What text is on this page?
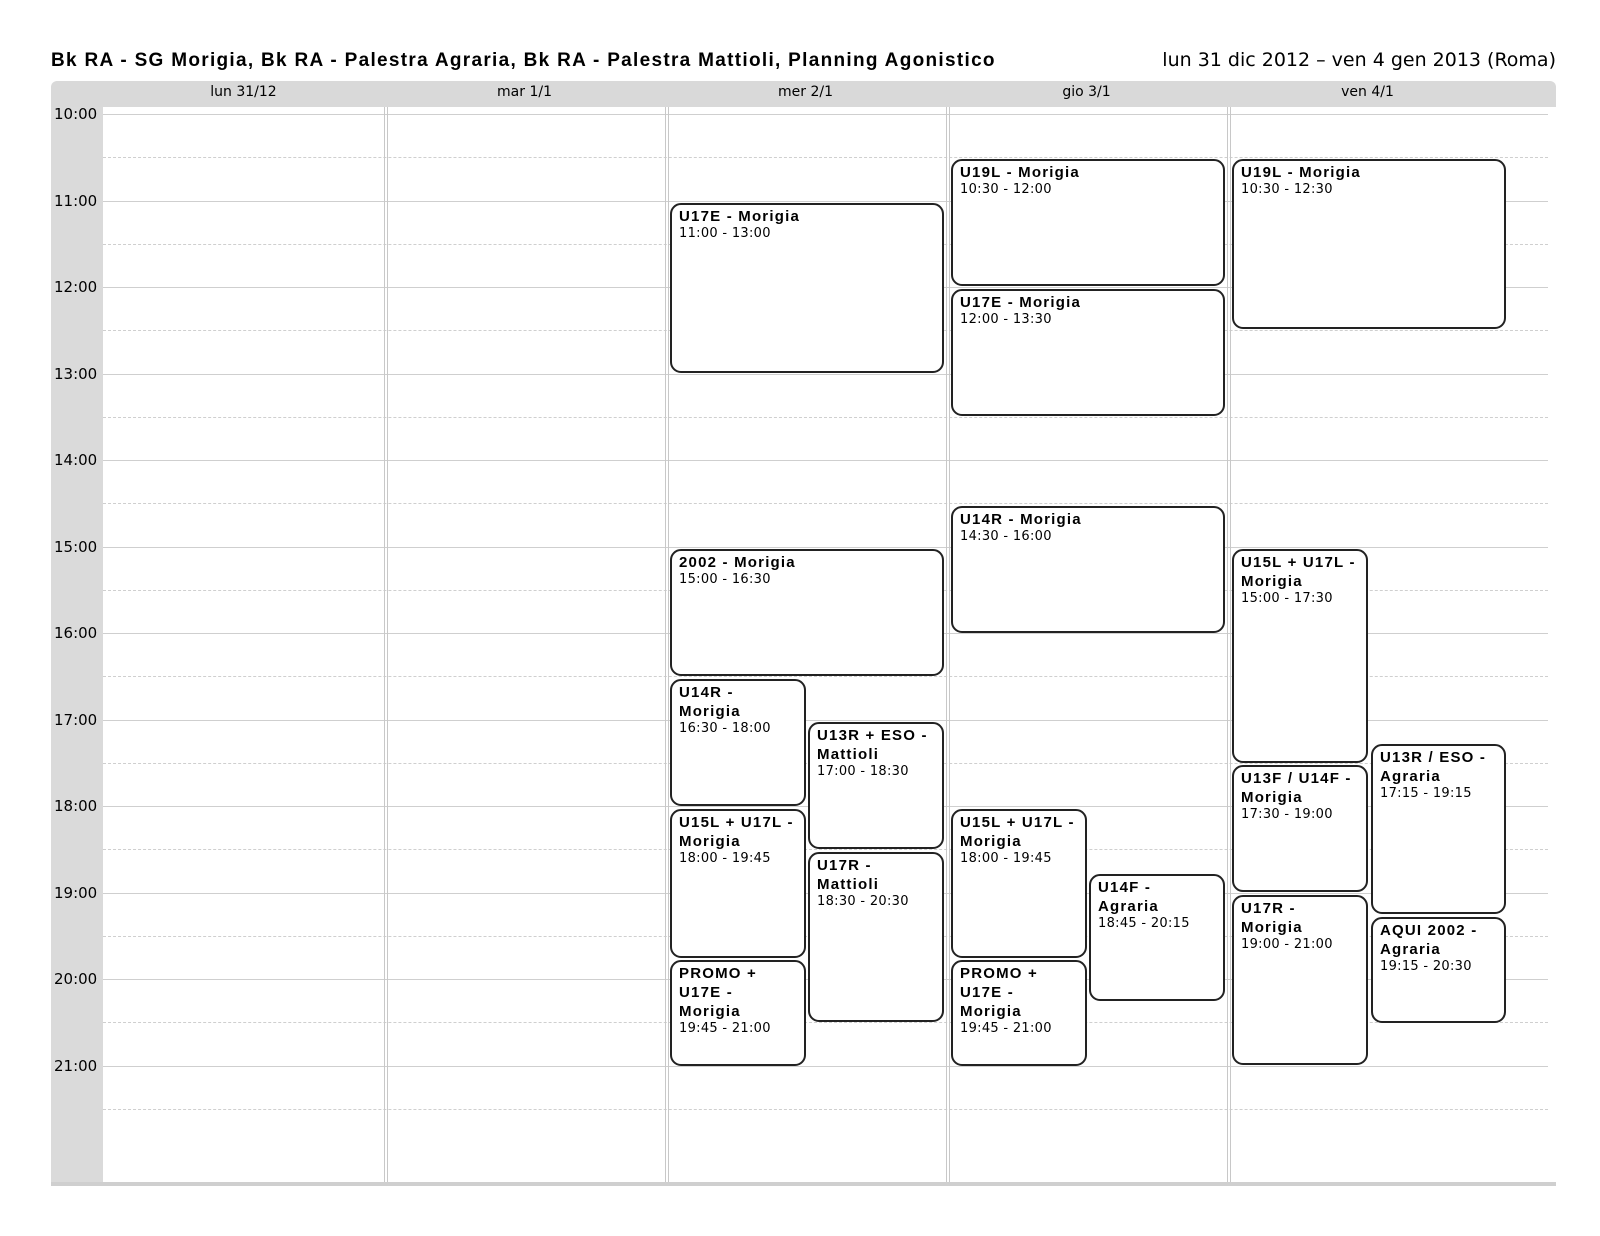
Bk RA - SG Morigia, Bk RA - Palestra Agraria, Bk RA - Palestra Mattioli, Planning Agonistico	lun 31 dic 2012 – ven 4 gen 2013 (Roma)
lun 31/12	mar 1/1	mer 2/1	gio 3/1	ven 4/1
10:00
11:00
12:00
13:00
14:00
15:00
16:00
17:00
18:00
19:00
20:00
21:00
U17E - Morigia
11:00 - 13:00
2002 - Morigia
15:00 - 16:30
U14R - Morigia
16:30 - 18:00	U13R + ESO - Mattioli
17:00 - 18:30
U15L + U17L - Morigia
18:00 - 19:45	U17R - Mattioli
18:30 - 20:30
PROMO + U17E - Morigia
19:45 - 21:00
U19L - Morigia
10:30 - 12:00
U17E - Morigia
12:00 - 13:30
U14R - Morigia
14:30 - 16:00
U15L + U17L - Morigia
18:00 - 19:45
U14F - Agraria
18:45 - 20:15
PROMO + U17E - Morigia
19:45 - 21:00
U19L - Morigia
10:30 - 12:30
U15L + U17L - Morigia
15:00 - 17:30
U13F / U14F - Morigia
17:30 - 19:00
U17R - Morigia
19:00 - 21:00
U13R / ESO - Agraria
17:15 - 19:15
AQUI 2002 - Agraria
19:15 - 20:30
